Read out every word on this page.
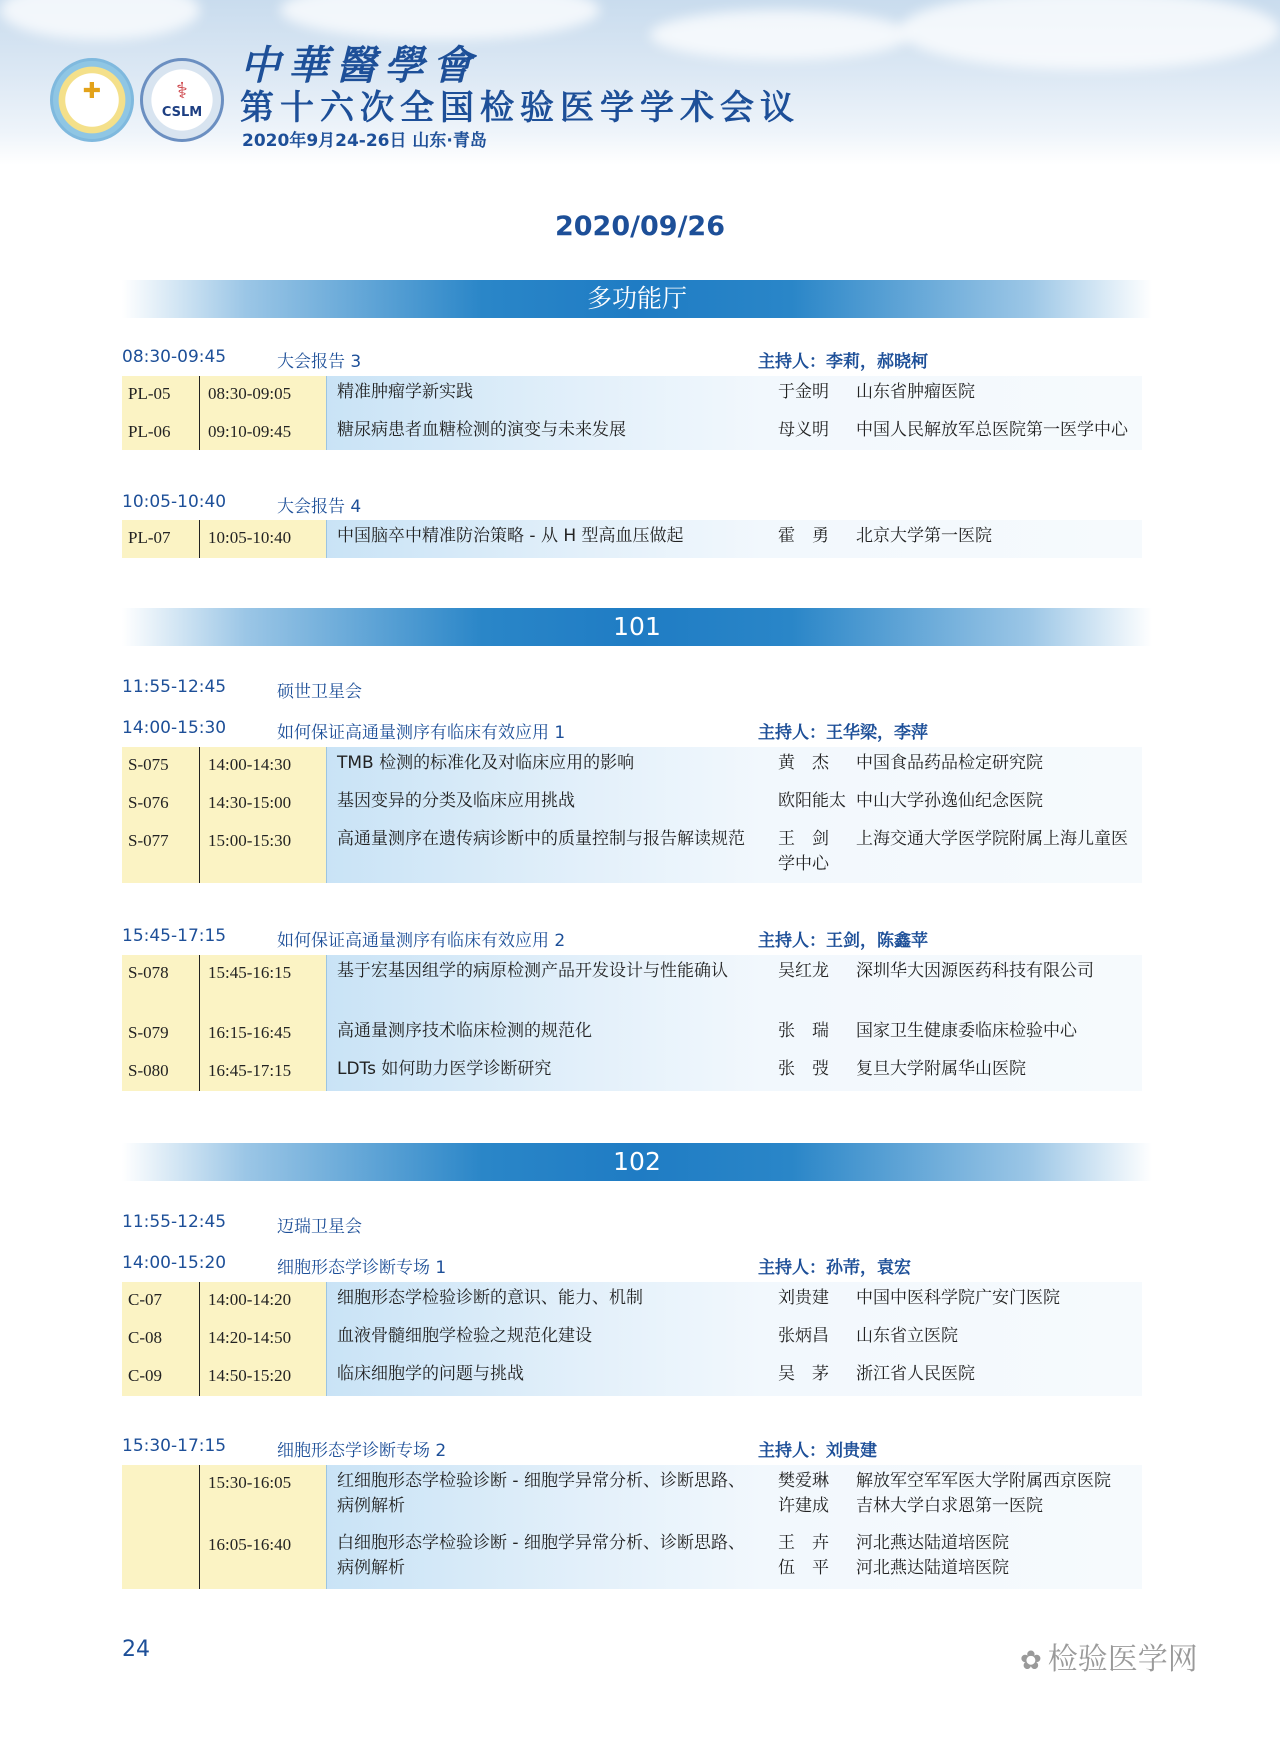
✚	⚕
CSLM
中華醫學會
第十六次全国检验医学学术会议
2020年9月24-26日 山东·青岛
2020/09/26
多功能厅
08:30-09:45	大会报告 3	主持人：李莉，郝晓柯
PL-05	08:30-09:05	精准肿瘤学新实践	于金明 山东省肿瘤医院
PL-06	09:10-09:45	糖尿病患者血糖检测的演变与未来发展	母义明 中国人民解放军总医院第一医学中心
10:05-10:40	大会报告 4
PL-07	10:05-10:40	中国脑卒中精准防治策略 - 从 H 型高血压做起	霍　勇 北京大学第一医院
101
11:55-12:45	硕世卫星会
14:00-15:30	如何保证高通量测序有临床有效应用 1	主持人：王华梁，李萍
S-075	14:00-14:30	TMB 检测的标准化及对临床应用的影响	黄　杰 中国食品药品检定研究院
S-076	14:30-15:00	基因变异的分类及临床应用挑战	欧阳能太 中山大学孙逸仙纪念医院
S-077	15:00-15:30	高通量测序在遗传病诊断中的质量控制与报告解读规范	王　剑 上海交通大学医学院附属上海儿童医学中心
15:45-17:15	如何保证高通量测序有临床有效应用 2	主持人：王剑，陈鑫苹
S-078	15:45-16:15	基于宏基因组学的病原检测产品开发设计与性能确认	吴红龙 深圳华大因源医药科技有限公司
S-079	16:15-16:45	高通量测序技术临床检测的规范化	张　瑞 国家卫生健康委临床检验中心
S-080	16:45-17:15	LDTs 如何助力医学诊断研究	张　弢 复旦大学附属华山医院
102
11:55-12:45	迈瑞卫星会
14:00-15:20	细胞形态学诊断专场 1	主持人：孙芾，袁宏
C-07	14:00-14:20	细胞形态学检验诊断的意识、能力、机制	刘贵建 中国中医科学院广安门医院
C-08	14:20-14:50	血液骨髓细胞学检验之规范化建设	张炳昌 山东省立医院
C-09	14:50-15:20	临床细胞学的问题与挑战	吴　茅 浙江省人民医院
15:30-17:15	细胞形态学诊断专场 2	主持人：刘贵建
15:30-16:05	红细胞形态学检验诊断 - 细胞学异常分析、诊断思路、病例解析
樊爱琳 解放军空军军医大学附属西京医院
许建成 吉林大学白求恩第一医院
16:05-16:40	白细胞形态学检验诊断 - 细胞学异常分析、诊断思路、病例解析
王　卉 河北燕达陆道培医院
伍　平 河北燕达陆道培医院
24	✿ 检验医学网
